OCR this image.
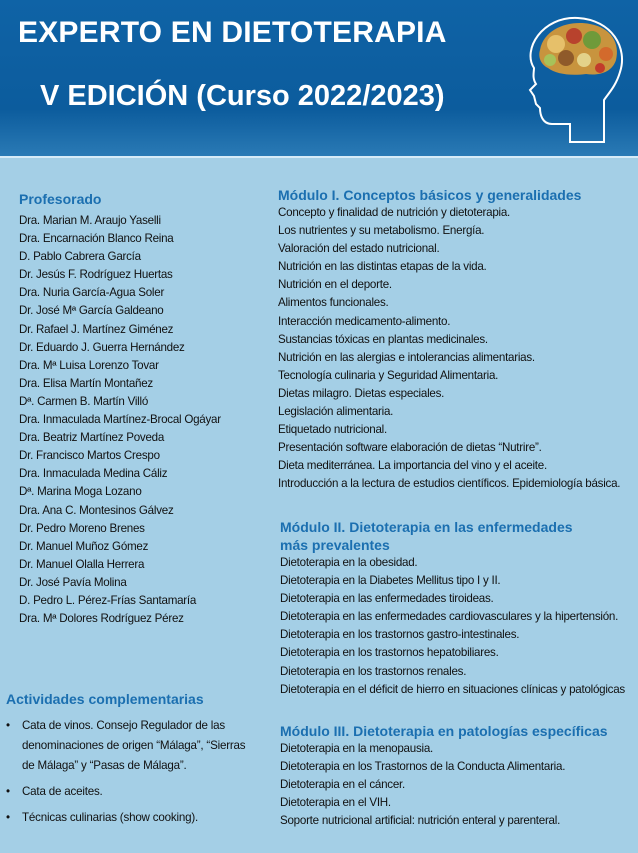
EXPERTO EN DIETOTERAPIA
V EDICIÓN (Curso 2022/2023)
Profesorado
Dra. Marian M. Araujo Yaselli
Dra. Encarnación Blanco Reina
D. Pablo Cabrera García
Dr. Jesús F. Rodríguez Huertas
Dra. Nuria García-Agua Soler
Dr. José Mª García Galdeano
Dr. Rafael J. Martínez Giménez
Dr. Eduardo J. Guerra Hernández
Dra. Mª Luisa Lorenzo Tovar
Dra. Elisa Martín Montañez
Dª. Carmen B. Martín Villó
Dra. Inmaculada Martínez-Brocal Ogáyar
Dra. Beatriz Martínez Poveda
Dr. Francisco Martos Crespo
Dra. Inmaculada Medina Cáliz
Dª. Marina Moga Lozano
Dra. Ana C. Montesinos Gálvez
Dr. Pedro Moreno Brenes
Dr. Manuel Muñoz Gómez
Dr. Manuel Olalla Herrera
Dr. José Pavía Molina
D. Pedro L. Pérez-Frías Santamaría
Dra. Mª Dolores Rodríguez Pérez
Actividades complementarias
• Cata de vinos. Consejo Regulador de las denominaciones de origen “Málaga”, “Sierras de Málaga” y “Pasas de Málaga”.
• Cata de aceites.
• Técnicas culinarias (show cooking).
Módulo I. Conceptos básicos y generalidades
Concepto y finalidad de nutrición y dietoterapia.
Los nutrientes y su metabolismo. Energía.
Valoración del estado nutricional.
Nutrición en las distintas etapas de la vida.
Nutrición en el deporte.
Alimentos funcionales.
Interacción medicamento-alimento.
Sustancias tóxicas en plantas medicinales.
Nutrición en las alergias e intolerancias alimentarias.
Tecnología culinaria y Seguridad Alimentaria.
Dietas milagro. Dietas especiales.
Legislación alimentaria.
Etiquetado nutricional.
Presentación software elaboración de dietas “Nutrire”.
Dieta mediterránea. La importancia del vino y el aceite.
Introducción a la lectura de estudios científicos. Epidemiología básica.
Módulo II. Dietoterapia en las enfermedades más prevalentes
Dietoterapia en la obesidad.
Dietoterapia en la Diabetes Mellitus tipo I y II.
Dietoterapia en las enfermedades tiroideas.
Dietoterapia en las enfermedades cardiovasculares y la hipertensión.
Dietoterapia en los trastornos gastro-intestinales.
Dietoterapia en los trastornos hepatobiliares.
Dietoterapia en los trastornos renales.
Dietoterapia en el déficit de hierro en situaciones clínicas y patológicas
Módulo III. Dietoterapia en patologías específicas
Dietoterapia en la menopausia.
Dietoterapia en los Trastornos de la Conducta Alimentaria.
Dietoterapia en el cáncer.
Dietoterapia en el VIH.
Soporte nutricional artificial: nutrición enteral y parenteral.
